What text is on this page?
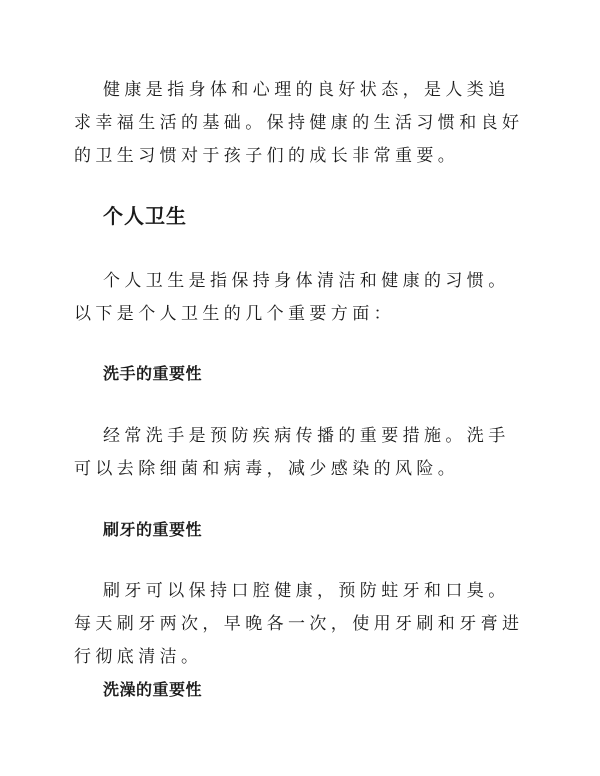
健康是指身体和心理的良好状态，是人类追求幸福生活的基础。保持健康的生活习惯和良好的卫生习惯对于孩子们的成长非常重要。

个人卫生

个人卫生是指保持身体清洁和健康的习惯。以下是个人卫生的几个重要方面：

洗手的重要性

经常洗手是预防疾病传播的重要措施。洗手可以去除细菌和病毒，减少感染的风险。

刷牙的重要性

刷牙可以保持口腔健康，预防蛀牙和口臭。每天刷牙两次，早晚各一次，使用牙刷和牙膏进行彻底清洁。

洗澡的重要性
